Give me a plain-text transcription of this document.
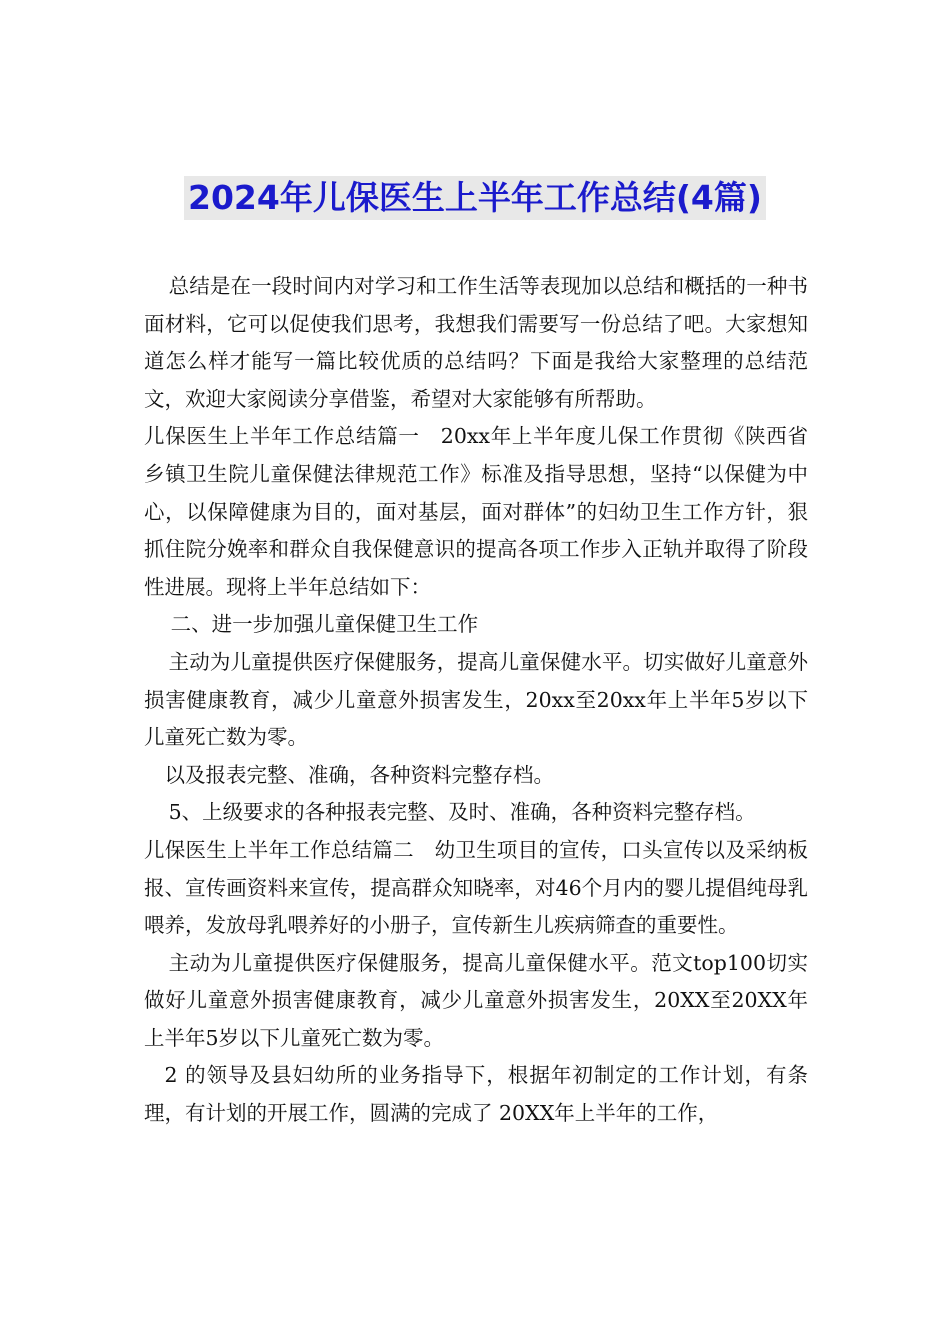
2024年儿保医生上半年工作总结(4篇)

总结是在一段时间内对学习和工作生活等表现加以总结和概括的一种书面材料，它可以促使我们思考，我想我们需要写一份总结了吧。大家想知道怎么样才能写一篇比较优质的总结吗？下面是我给大家整理的总结范文，欢迎大家阅读分享借鉴，希望对大家能够有所帮助。

儿保医生上半年工作总结篇一　20xx年上半年度儿保工作贯彻《陕西省乡镇卫生院儿童保健法律规范工作》标准及指导思想，坚持“以保健为中心，以保障健康为目的，面对基层，面对群体”的妇幼卫生工作方针，狠抓住院分娩率和群众自我保健意识的提高各项工作步入正轨并取得了阶段性进展。现将上半年总结如下：

二、进一步加强儿童保健卫生工作

主动为儿童提供医疗保健服务，提高儿童保健水平。切实做好儿童意外损害健康教育，减少儿童意外损害发生，20xx至20xx年上半年5岁以下儿童死亡数为零。

以及报表完整、准确，各种资料完整存档。

5、上级要求的各种报表完整、及时、准确，各种资料完整存档。

儿保医生上半年工作总结篇二　幼卫生项目的宣传，口头宣传以及采纳板报、宣传画资料来宣传，提高群众知晓率，对46个月内的婴儿提倡纯母乳喂养，发放母乳喂养好的小册子，宣传新生儿疾病筛查的重要性。

主动为儿童提供医疗保健服务，提高儿童保健水平。范文top100切实做好儿童意外损害健康教育，减少儿童意外损害发生，20XX至20XX年上半年5岁以下儿童死亡数为零。

2 的领导及县妇幼所的业务指导下，根据年初制定的工作计划，有条理，有计划的开展工作，圆满的完成了 20XX年上半年的工作，
